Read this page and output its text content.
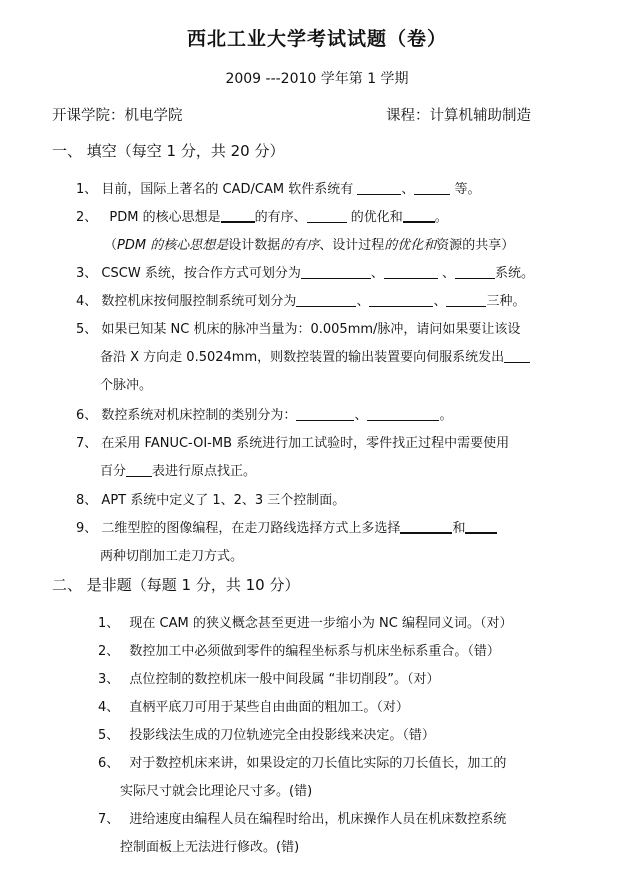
西北工业大学考试试题（卷）
2009 ---2010 学年第 1 学期
开课学院：机电学院	课程：计算机辅助制造
一、 填空（每空 1 分，共 20 分）
1、 目前，国际上著名的 CAD/CAM 软件系统有	、	等。
2、 PDM 的核心思想是	的有序、	的优化和 。
（PDM 的核心思想是设计数据的有序、设计过程的优化和资源的共享）
3、 CSCW 系统，按合作方式可划分为	、	、	系统。
4、 数控机床按伺服控制系统可划分为	、	、	三种。
5、 如果已知某 NC 机床的脉冲当量为：0.005mm/脉冲，请问如果要让该设
备沿 X 方向走 0.5024mm，则数控装置的输出装置要向伺服系统发出
个脉冲。
6、 数控系统对机床控制的类别分为：	、	。
7、 在采用 FANUC-OI-MB 系统进行加工试验时，零件找正过程中需要使用
百分 表进行原点找正。
8、 APT 系统中定义了 1、2、3 三个控制面。
9、 二维型腔的图像编程，在走刀路线选择方式上多选择	和
两种切削加工走刀方式。
二、 是非题（每题 1 分，共 10 分）
1、 现在 CAM 的狭义概念甚至更进一步缩小为 NC 编程同义词。（对）
2、 数控加工中必须做到零件的编程坐标系与机床坐标系重合。（错）
3、 点位控制的数控机床一般中间段属 “非切削段”。（对）
4、 直柄平底刀可用于某些自由曲面的粗加工。（对）
5、 投影线法生成的刀位轨迹完全由投影线来决定。（错）
6、 对于数控机床来讲，如果设定的刀长值比实际的刀长值长，加工的
实际尺寸就会比理论尺寸多。(错)
7、 进给速度由编程人员在编程时给出，机床操作人员在机床数控系统
控制面板上无法进行修改。(错)
